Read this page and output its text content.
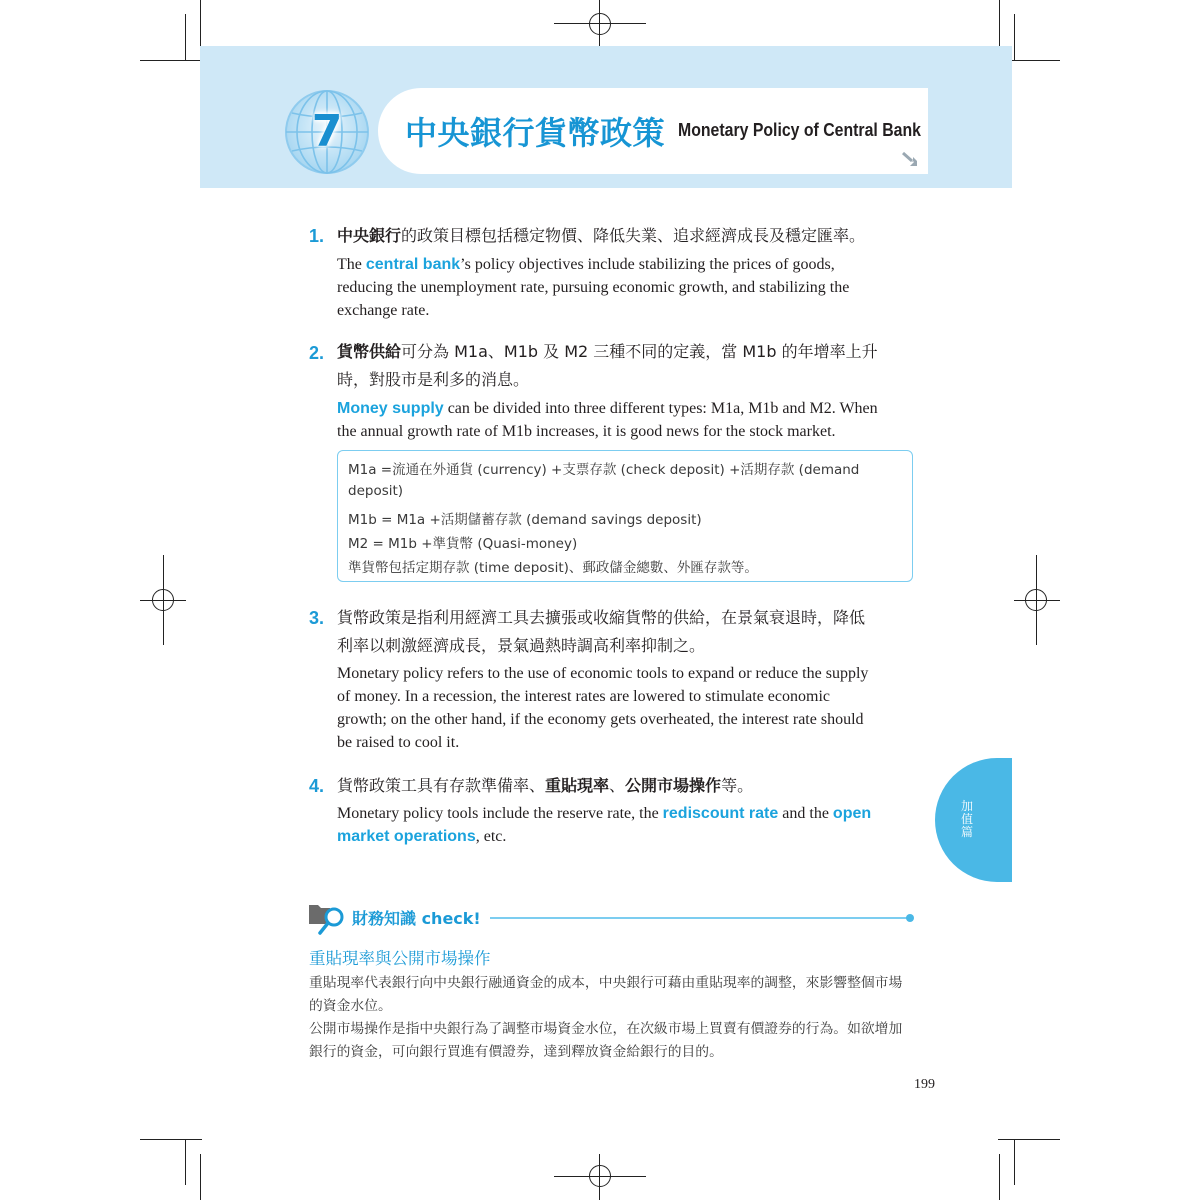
7	中央銀行貨幣政策 Monetary Policy of Central Bank
1. 中央銀行的政策目標包括穩定物價、降低失業、追求經濟成長及穩定匯率。
The central bank’s policy objectives include stabilizing the prices of goods,
reducing the unemployment rate, pursuing economic growth, and stabilizing the
exchange rate.
2. 貨幣供給可分為 M1a、M1b 及 M2 三種不同的定義，當 M1b 的年增率上升
時，對股市是利多的消息。
Money supply can be divided into three different types: M1a, M1b and M2. When
the annual growth rate of M1b increases, it is good news for the stock market.
M1a =流通在外通貨 (currency) +支票存款 (check deposit) +活期存款 (demand
deposit)
M1b = M1a +活期儲蓄存款 (demand savings deposit)
M2 = M1b +準貨幣 (Quasi-money)
準貨幣包括定期存款 (time deposit)、郵政儲金總數、外匯存款等。
3. 貨幣政策是指利用經濟工具去擴張或收縮貨幣的供給，在景氣衰退時，降低
利率以刺激經濟成長，景氣過熱時調高利率抑制之。
Monetary policy refers to the use of economic tools to expand or reduce the supply
of money. In a recession, the interest rates are lowered to stimulate economic
growth; on the other hand, if the economy gets overheated, the interest rate should
be raised to cool it.
4. 貨幣政策工具有存款準備率、重貼現率、公開市場操作等。
Monetary policy tools include the reserve rate, the rediscount rate and the open
market operations, etc.
加值篇
財務知識 check!
重貼現率與公開市場操作
重貼現率代表銀行向中央銀行融通資金的成本，中央銀行可藉由重貼現率的調整，來影響整個市場
的資金水位。
公開市場操作是指中央銀行為了調整市場資金水位，在次級市場上買賣有價證券的行為。如欲增加
銀行的資金，可向銀行買進有價證券，達到釋放資金給銀行的目的。
199
